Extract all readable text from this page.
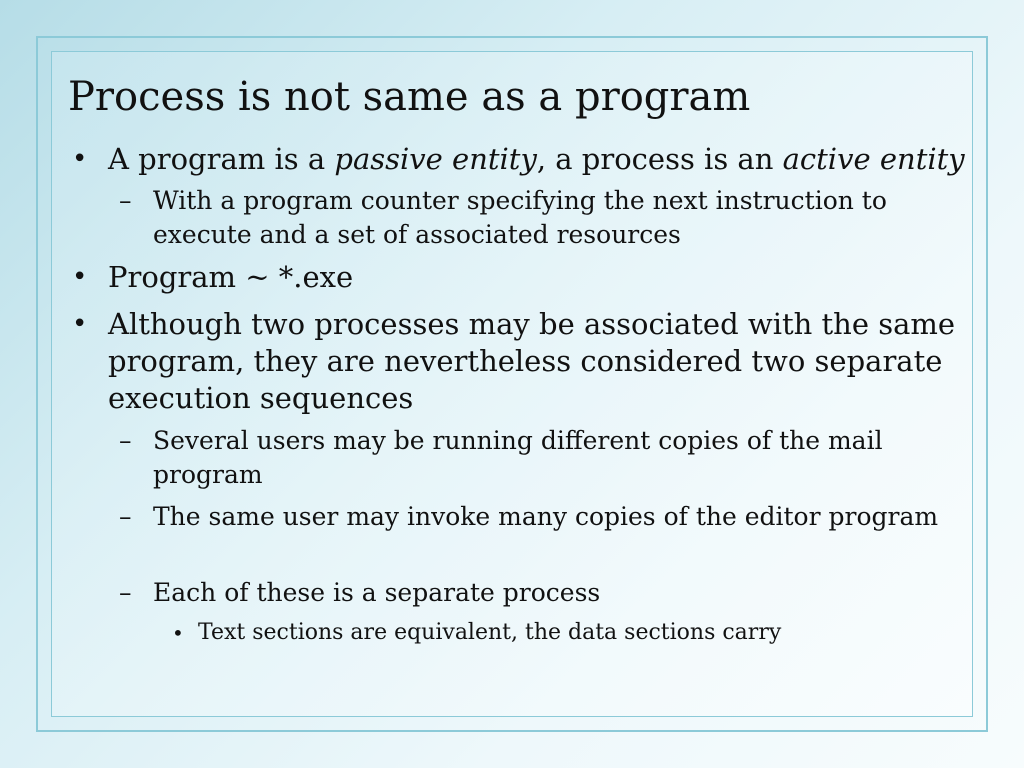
Process is not same as a program

• A program is a passive entity, a process is an active entity

– With a program counter specifying the next instruction to execute and a set of associated resources

• Program ~ *.exe

• Although two processes may be associated with the same program, they are nevertheless considered two separate execution sequences

– Several users may be running different copies of the mail program

– The same user may invoke many copies of the editor program

– Each of these is a separate process

• Text sections are equivalent, the data sections carry
